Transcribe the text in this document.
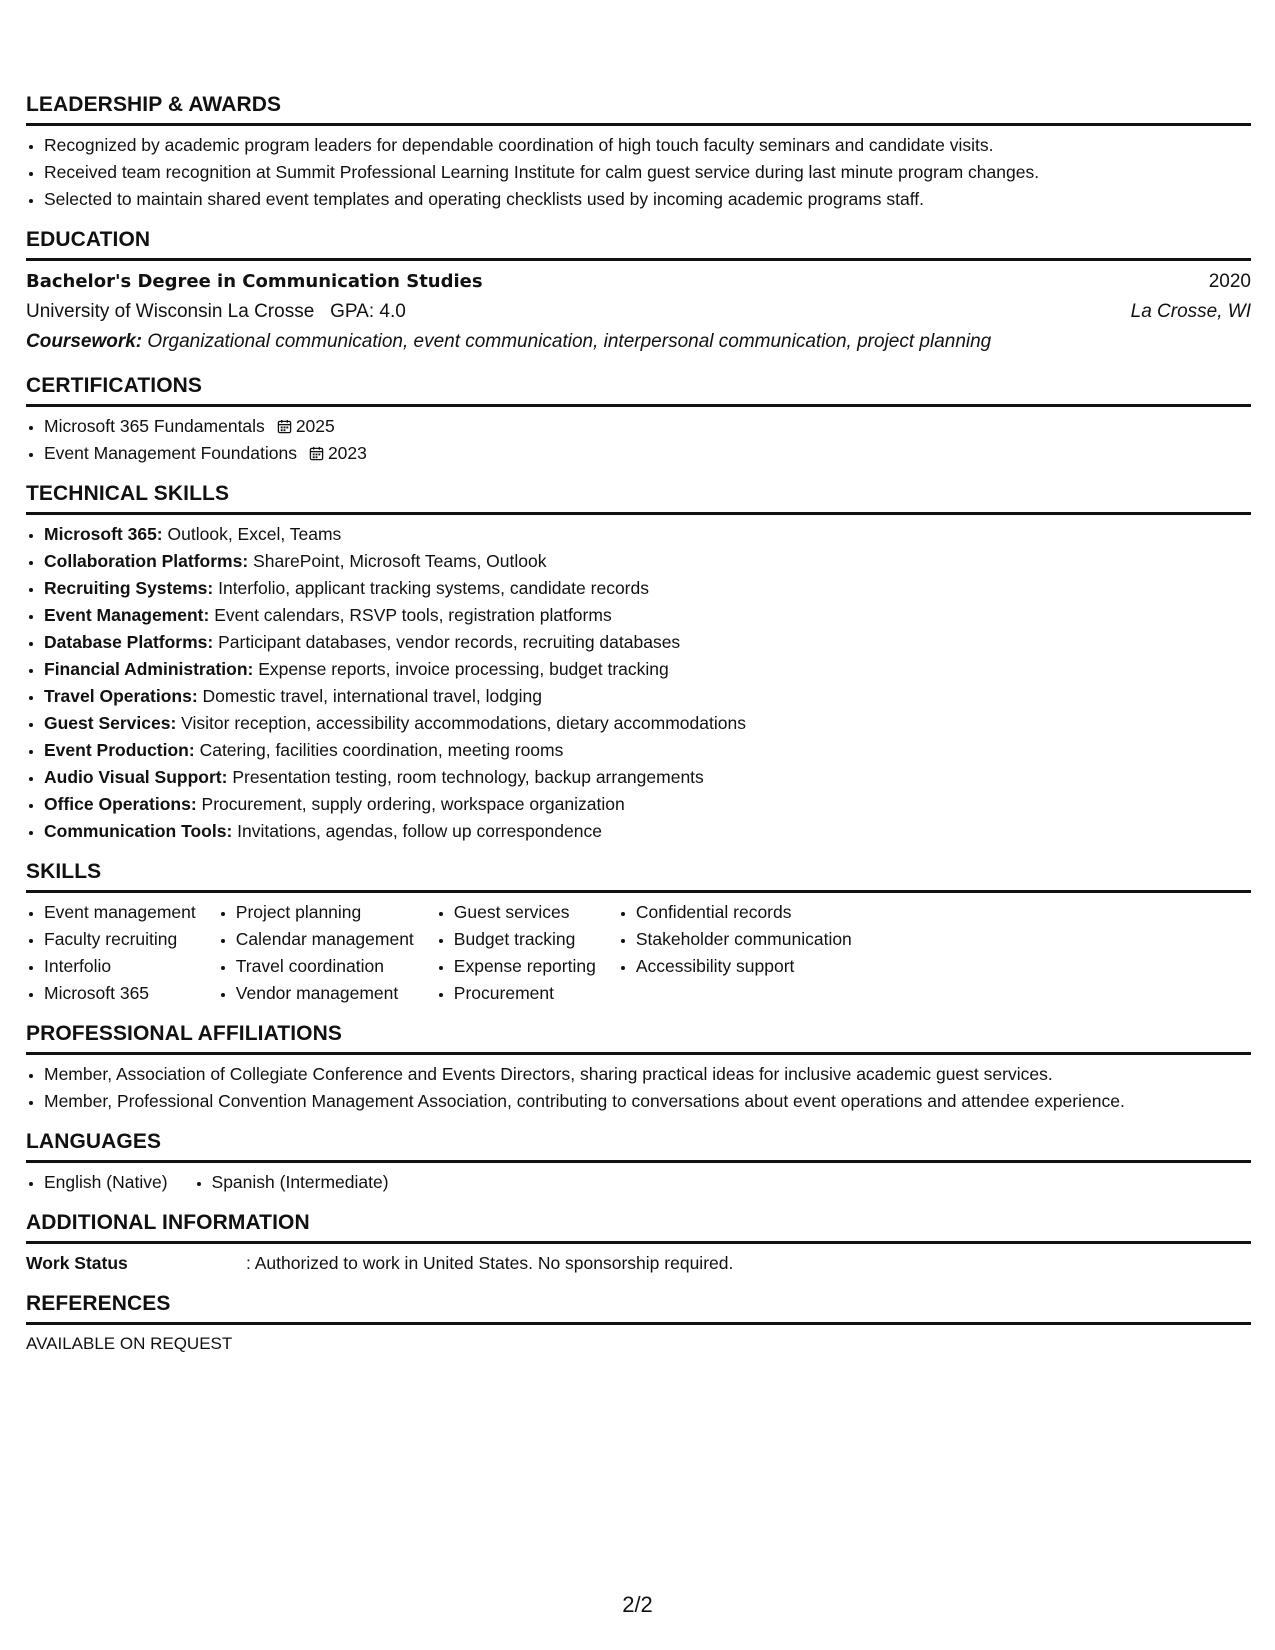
LEADERSHIP & AWARDS
• Recognized by academic program leaders for dependable coordination of high touch faculty seminars and candidate visits.
• Received team recognition at Summit Professional Learning Institute for calm guest service during last minute program changes.
• Selected to maintain shared event templates and operating checklists used by incoming academic programs staff.
EDUCATION
Bachelor's Degree in Communication Studies	2020
University of Wisconsin La Crosse GPA: 4.0	La Crosse, WI
Coursework: Organizational communication, event communication, interpersonal communication, project planning
CERTIFICATIONS
• Microsoft 365 Fundamentals 2025
• Event Management Foundations 2023
TECHNICAL SKILLS
• Microsoft 365: Outlook, Excel, Teams
• Collaboration Platforms: SharePoint, Microsoft Teams, Outlook
• Recruiting Systems: Interfolio, applicant tracking systems, candidate records
• Event Management: Event calendars, RSVP tools, registration platforms
• Database Platforms: Participant databases, vendor records, recruiting databases
• Financial Administration: Expense reports, invoice processing, budget tracking
• Travel Operations: Domestic travel, international travel, lodging
• Guest Services: Visitor reception, accessibility accommodations, dietary accommodations
• Event Production: Catering, facilities coordination, meeting rooms
• Audio Visual Support: Presentation testing, room technology, backup arrangements
• Office Operations: Procurement, supply ordering, workspace organization
• Communication Tools: Invitations, agendas, follow up correspondence
SKILLS
• Event management
• Faculty recruiting
• Interfolio
• Microsoft 365
• Project planning
• Calendar management
• Travel coordination
• Vendor management
• Guest services
• Budget tracking
• Expense reporting
• Procurement
• Confidential records
• Stakeholder communication
• Accessibility support
PROFESSIONAL AFFILIATIONS
• Member, Association of Collegiate Conference and Events Directors, sharing practical ideas for inclusive academic guest services.
• Member, Professional Convention Management Association, contributing to conversations about event operations and attendee experience.
LANGUAGES
• English (Native)
•	Spanish (Intermediate)
ADDITIONAL INFORMATION
Work Status	: Authorized to work in United States. No sponsorship required.
REFERENCES
AVAILABLE ON REQUEST
2/2
